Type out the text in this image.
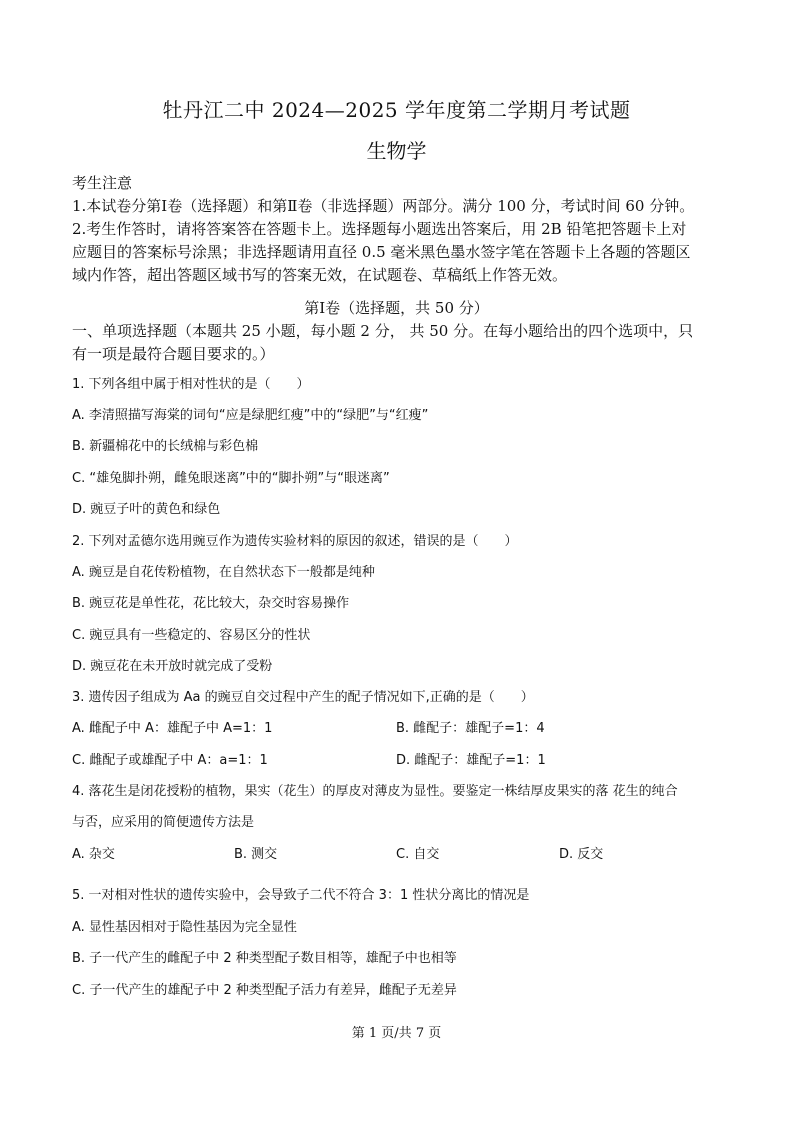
牡丹江二中 2024—2025 学年度第二学期月考试题
生物学
考生注意
1.本试卷分第Ⅰ卷（选择题）和第Ⅱ卷（非选择题）两部分。满分 100 分，考试时间 60 分钟。
2.考生作答时，请将答案答在答题卡上。选择题每小题选出答案后，用 2B 铅笔把答题卡上对
应题目的答案标号涂黑；非选择题请用直径 0.5 毫米黑色墨水签字笔在答题卡上各题的答题区
域内作答，超出答题区域书写的答案无效，在试题卷、草稿纸上作答无效。
第Ⅰ卷（选择题，共 50 分）
一、单项选择题（本题共 25 小题，每小题 2 分， 共 50 分。在每小题给出的四个选项中，只
有一项是最符合题目要求的。）
1. 下列各组中属于相对性状的是（　　）
A. 李清照描写海棠的词句“应是绿肥红瘦”中的“绿肥”与“红瘦”
B. 新疆棉花中的长绒棉与彩色棉
C. “雄兔脚扑朔，雌兔眼迷离”中的“脚扑朔”与“眼迷离”
D. 豌豆子叶的黄色和绿色
2. 下列对孟德尔选用豌豆作为遗传实验材料的原因的叙述，错误的是（　　）
A. 豌豆是自花传粉植物，在自然状态下一般都是纯种
B. 豌豆花是单性花，花比较大，杂交时容易操作
C. 豌豆具有一些稳定的、容易区分的性状
D. 豌豆花在未开放时就完成了受粉
3. 遗传因子组成为 Aa 的豌豆自交过程中产生的配子情况如下,正确的是（　　）
A. 雌配子中 A：雄配子中 A=1：1	B. 雌配子：雄配子=1：4
C. 雌配子或雄配子中 A：a=1：1	D. 雌配子：雄配子=1：1
4. 落花生是闭花授粉的植物，果实（花生）的厚皮对薄皮为显性。要鉴定一株结厚皮果实的落 花生的纯合
与否，应采用的简便遗传方法是
A. 杂交	B. 测交	C. 自交	D. 反交
5. 一对相对性状的遗传实验中，会导致子二代不符合 3：1 性状分离比的情况是
A. 显性基因相对于隐性基因为完全显性
B. 子一代产生的雌配子中 2 种类型配子数目相等，雄配子中也相等
C. 子一代产生的雄配子中 2 种类型配子活力有差异，雌配子无差异
第 1 页/共 7 页
